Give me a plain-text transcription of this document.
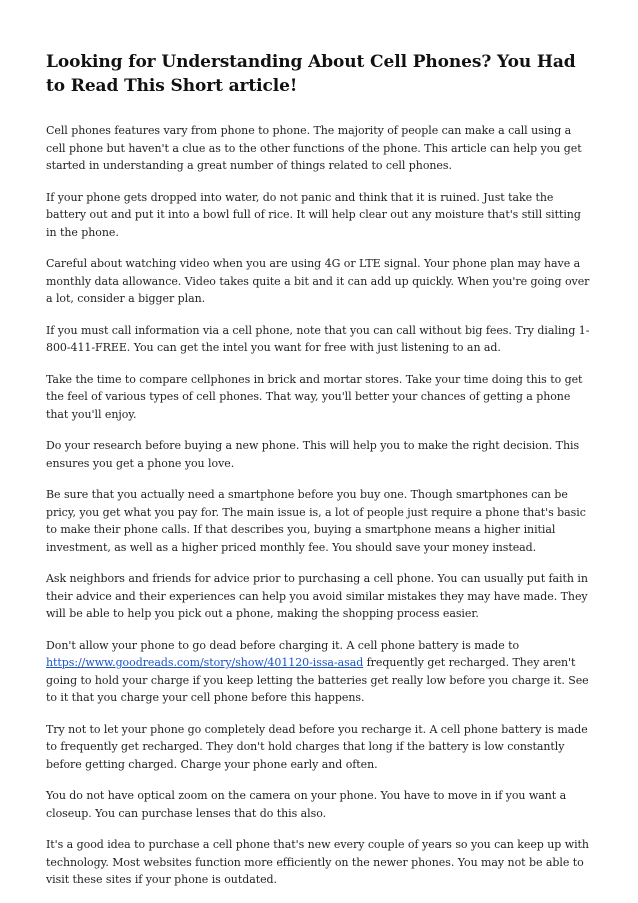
Looking for Understanding About Cell Phones? You Had to Read This Short article!

Cell phones features vary from phone to phone. The majority of people can make a call using a cell phone but haven't a clue as to the other functions of the phone. This article can help you get started in understanding a great number of things related to cell phones.

If your phone gets dropped into water, do not panic and think that it is ruined. Just take the battery out and put it into a bowl full of rice. It will help clear out any moisture that's still sitting in the phone.

Careful about watching video when you are using 4G or LTE signal. Your phone plan may have a monthly data allowance. Video takes quite a bit and it can add up quickly. When you're going over a lot, consider a bigger plan.

If you must call information via a cell phone, note that you can call without big fees. Try dialing 1-800-411-FREE. You can get the intel you want for free with just listening to an ad.

Take the time to compare cellphones in brick and mortar stores. Take your time doing this to get the feel of various types of cell phones. That way, you'll better your chances of getting a phone that you'll enjoy.

Do your research before buying a new phone. This will help you to make the right decision. This ensures you get a phone you love.

Be sure that you actually need a smartphone before you buy one. Though smartphones can be pricy, you get what you pay for. The main issue is, a lot of people just require a phone that's basic to make their phone calls. If that describes you, buying a smartphone means a higher initial investment, as well as a higher priced monthly fee. You should save your money instead.

Ask neighbors and friends for advice prior to purchasing a cell phone. You can usually put faith in their advice and their experiences can help you avoid similar mistakes they may have made. They will be able to help you pick out a phone, making the shopping process easier.

Don't allow your phone to go dead before charging it. A cell phone battery is made to https://www.goodreads.com/story/show/401120-issa-asad frequently get recharged. They aren't going to hold your charge if you keep letting the batteries get really low before you charge it. See to it that you charge your cell phone before this happens.

Try not to let your phone go completely dead before you recharge it. A cell phone battery is made to frequently get recharged. They don't hold charges that long if the battery is low constantly before getting charged. Charge your phone early and often.

You do not have optical zoom on the camera on your phone. You have to move in if you want a closeup. You can purchase lenses that do this also.

It's a good idea to purchase a cell phone that's new every couple of years so you can keep up with technology. Most websites function more efficiently on the newer phones. You may not be able to visit these sites if your phone is outdated.
